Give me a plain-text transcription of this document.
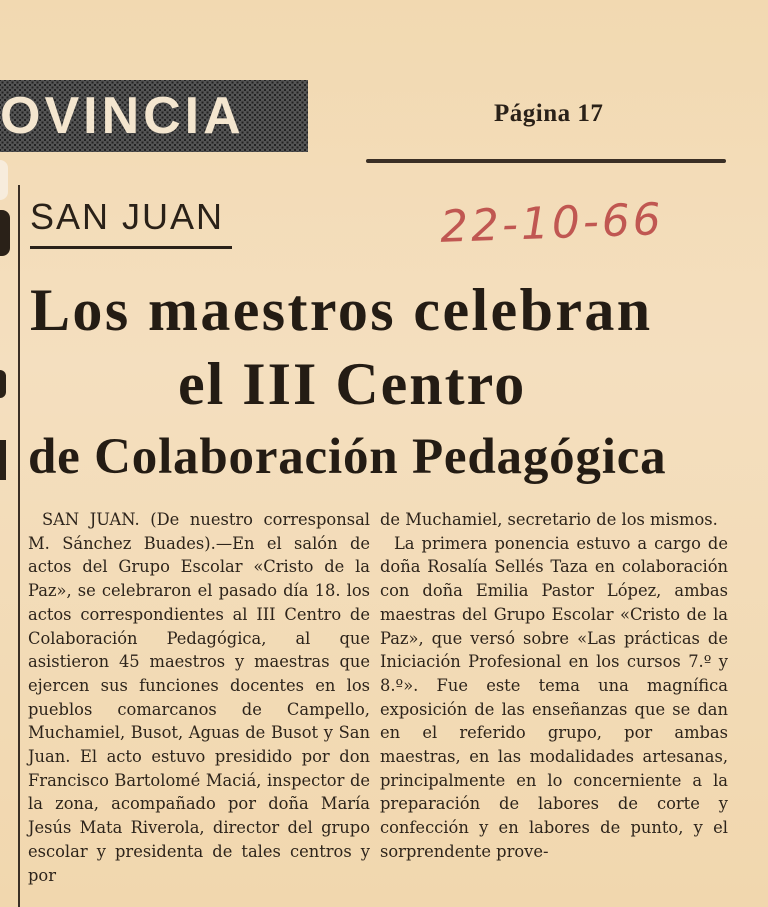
OVINCIA	Página 17
SAN JUAN	22-10-66
Los maestros celebran
el III Centro
de Colaboración Pedagógica

SAN JUAN. (De nuestro corresponsal M. Sánchez Buades).—En el salón de actos del Grupo Escolar «Cristo de la Paz», se celebraron el pasado día 18. los actos correspondientes al III Centro de Colaboración Pedagógica, al que asistieron 45 maestros y maestras que ejercen sus funciones docentes en los pueblos comarcanos de Campello, Muchamiel, Busot, Aguas de Busot y San Juan. El acto estuvo presidido por don Francisco Bartolomé Maciá, inspector de la zona, acompañado por doña María Jesús Mata Riverola, director del grupo escolar y presidenta de tales centros y por

de Muchamiel, secretario de los mismos.

La primera ponencia estuvo a cargo de doña Rosalía Sellés Taza en colaboración con doña Emilia Pastor López, ambas maestras del Grupo Escolar «Cristo de la Paz», que versó sobre «Las prácticas de Iniciación Profesional en los cursos 7.º y 8.º». Fue este tema una magnífica exposición de las enseñanzas que se dan en el referido grupo, por ambas maestras, en las modalidades artesanas, principalmente en lo concerniente a la preparación de labores de corte y confección y en labores de punto, y el sorprendente prove-
